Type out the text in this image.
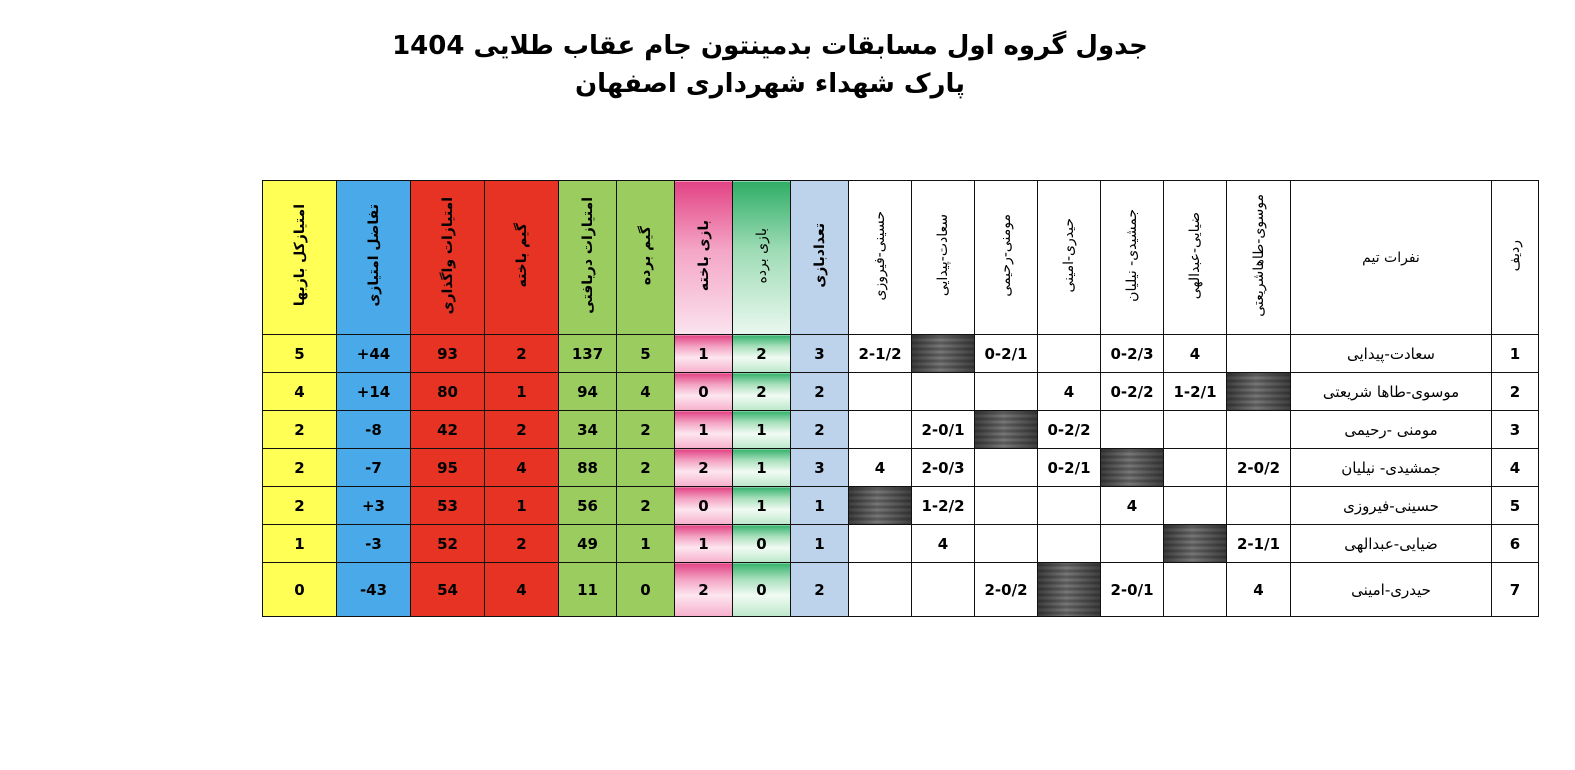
جدول گروه اول مسابقات بدمینتون جام عقاب طلایی 1404
پارک شهداء شهرداری اصفهان
امتیازکل بازیها	تفاضل امتیازی	امتیازات واگذاری	گیم باخته	امتیازات دریافتی	گیم برده	بازی باخته	بازی برده	تعدادبازی	حسینی-فیروزی	سعادت-پیدایی	مومنی-رحیمی	حیدری-امینی	جمشیدی- نیلیان	ضیایی-عبدالهی	موسوی-طاهاشریعتی	نفرات تیم	ردیف
5	+44	93	2	137	5	1	2	3	2-1/2		0-2/1		0-2/3	4		سعادت-پیدایی	1
4	+14	80	1	94	4	0	2	2				4	0-2/2	1-2/1		موسوی-طاها شریعتی	2
2	-8	42	2	34	2	1	1	2		2-0/1		0-2/2				مومنی -رحیمی	3
2	-7	95	4	88	2	2	1	3	4	2-0/3		0-2/1			2-0/2	جمشیدی- نیلیان	4
2	+3	53	1	56	2	0	1	1		1-2/2			4			حسینی-فیروزی	5
1	-3	52	2	49	1	1	0	1		4					2-1/1	ضیایی-عبدالهی	6
0	-43	54	4	11	0	2	0	2			2-0/2		2-0/1		4	حیدری-امینی	7
